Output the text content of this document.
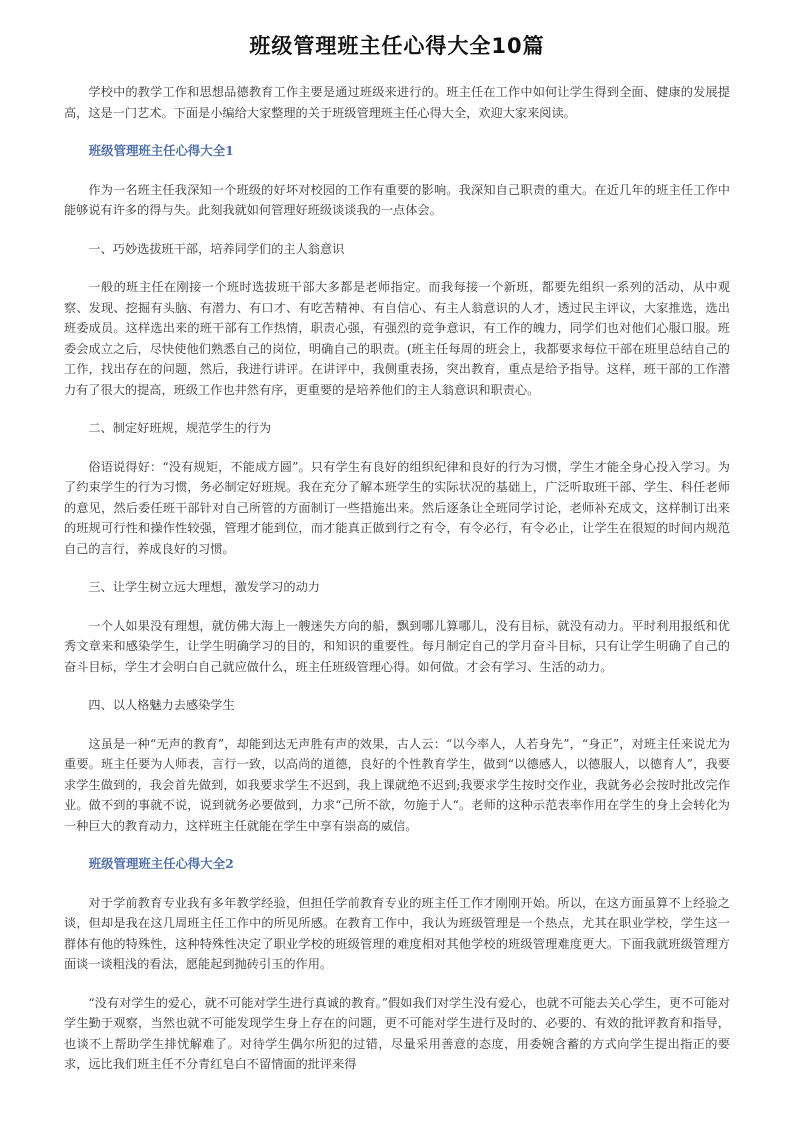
班级管理班主任心得大全10篇

学校中的教学工作和思想品德教育工作主要是通过班级来进行的。班主任在工作中如何让学生得到全面、健康的发展提高，这是一门艺术。下面是小编给大家整理的关于班级管理班主任心得大全，欢迎大家来阅读。

班级管理班主任心得大全1

作为一名班主任我深知一个班级的好坏对校园的工作有重要的影响。我深知自己职责的重大。在近几年的班主任工作中能够说有许多的得与失。此刻我就如何管理好班级谈谈我的一点体会。

一、巧妙选拔班干部，培养同学们的主人翁意识

一般的班主任在刚接一个班时选拔班干部大多都是老师指定。而我每接一个新班，都要先组织一系列的活动，从中观察、发现、挖掘有头脑、有潜力、有口才、有吃苦精神、有自信心、有主人翁意识的人才，透过民主评议，大家推选，选出班委成员。这样选出来的班干部有工作热情，职责心强，有强烈的竞争意识，有工作的魄力，同学们也对他们心服口服。班委会成立之后，尽快使他们熟悉自己的岗位，明确自己的职责。(班主任每周的班会上，我都要求每位干部在班里总结自己的工作，找出存在的问题，然后，我进行讲评。在讲评中，我侧重表扬，突出教育，重点是给予指导。这样，班干部的工作潜力有了很大的提高，班级工作也井然有序，更重要的是培养他们的主人翁意识和职责心。

二、制定好班规，规范学生的行为

俗语说得好：“没有规矩，不能成方圆”。只有学生有良好的组织纪律和良好的行为习惯，学生才能全身心投入学习。为了约束学生的行为习惯，务必制定好班规。我在充分了解本班学生的实际状况的基础上，广泛听取班干部、学生、科任老师的意见，然后委任班干部针对自己所管的方面制订一些措施出来。然后逐条让全班同学讨论，老师补充成文，这样制订出来的班规可行性和操作性较强，管理才能到位，而才能真正做到行之有令，有令必行，有令必止，让学生在很短的时间内规范自己的言行，养成良好的习惯。

三、让学生树立远大理想，激发学习的动力

一个人如果没有理想，就仿佛大海上一艘迷失方向的船，飘到哪儿算哪儿，没有目标，就没有动力。平时利用报纸和优秀文章来和感染学生，让学生明确学习的目的，和知识的重要性。每月制定自己的学月奋斗目标，只有让学生明确了自己的奋斗目标，学生才会明白自己就应做什么，班主任班级管理心得。如何做。才会有学习、生活的动力。

四、以人格魅力去感染学生

这虽是一种“无声的教育”，却能到达无声胜有声的效果，古人云：“以今率人，人若身先”，“身正”，对班主任来说尤为重要。班主任要为人师表，言行一致，以高尚的道德，良好的个性教育学生，做到“以德感人，以德服人，以德育人”，我要求学生做到的，我会首先做到，如我要求学生不迟到，我上课就绝不迟到;我要求学生按时交作业，我就务必会按时批改完作业。做不到的事就不说，说到就务必要做到，力求“己所不欲，勿施于人“。老师的这种示范表率作用在学生的身上会转化为一种巨大的教育动力，这样班主任就能在学生中享有崇高的威信。

班级管理班主任心得大全2

对于学前教育专业我有多年教学经验，但担任学前教育专业的班主任工作才刚刚开始。所以，在这方面虽算不上经验之谈，但却是我在这几周班主任工作中的所见所感。在教育工作中，我认为班级管理是一个热点，尤其在职业学校，学生这一群体有他的特殊性，这种特殊性决定了职业学校的班级管理的难度相对其他学校的班级管理难度更大。下面我就班级管理方面谈一谈粗浅的看法，愿能起到抛砖引玉的作用。

“没有对学生的爱心，就不可能对学生进行真诚的教育。”假如我们对学生没有爱心，也就不可能去关心学生，更不可能对学生勤于观察，当然也就不可能发现学生身上存在的问题，更不可能对学生进行及时的、必要的、有效的批评教育和指导，也谈不上帮助学生排忧解难了。对待学生偶尔所犯的过错，尽量采用善意的态度，用委婉含蓄的方式向学生提出指正的要求，远比我们班主任不分青红皂白不留情面的批评来得
